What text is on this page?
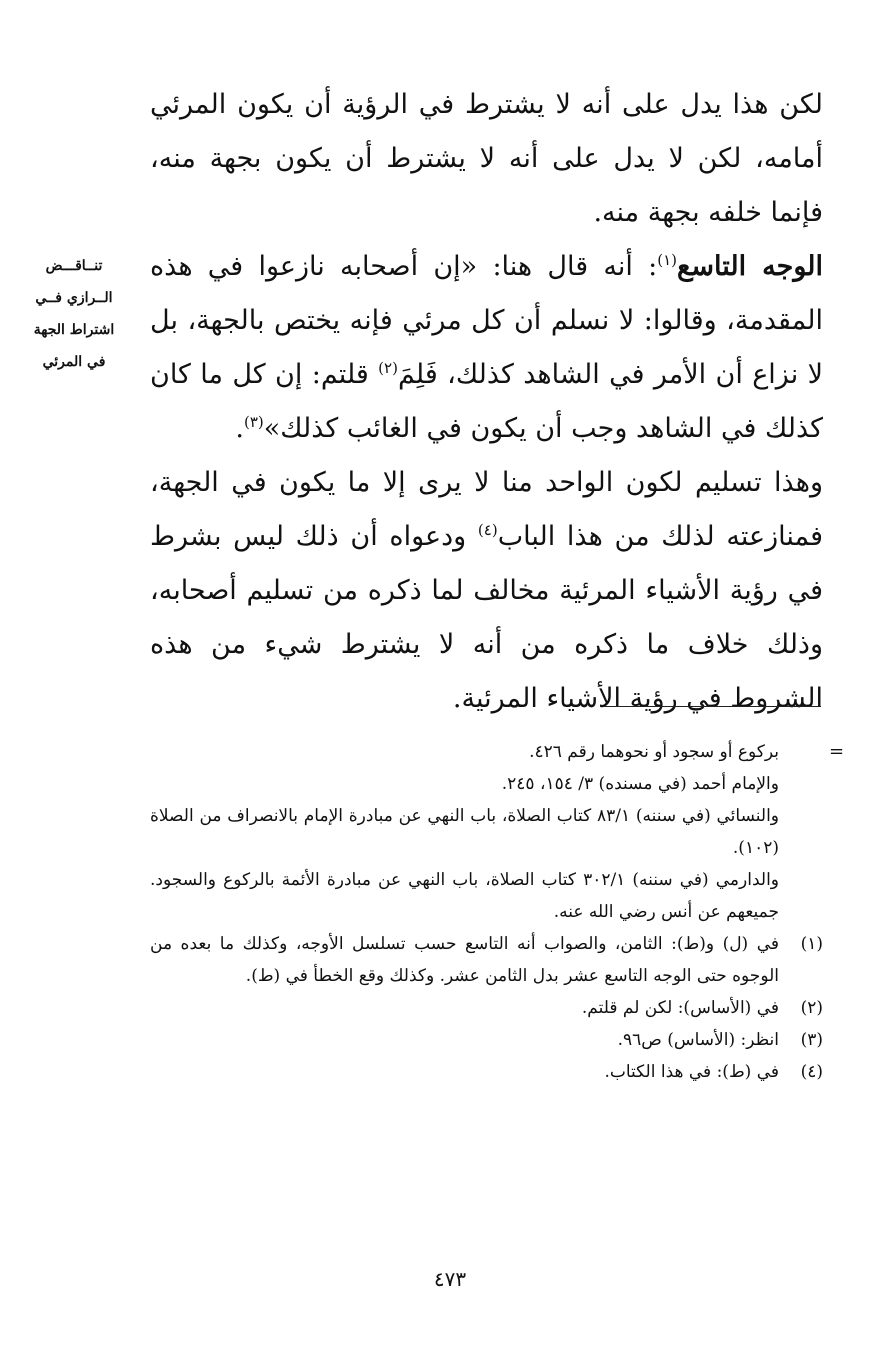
لكن هذا يدل على أنه لا يشترط في الرؤية أن يكون المرئي أمامه، لكن لا يدل على أنه لا يشترط أن يكون بجهة منه، فإنما خلفه بجهة منه.

الوجه التاسع$^{(١)}$: أنه قال هنا: «إن أصحابه نازعوا في هذه المقدمة، وقالوا: لا نسلم أن كل مرئي فإنه يختص بالجهة، بل لا نزاع أن الأمر في الشاهد كذلك، فَلِمَ$^{(٢)}$ قلتم: إن كل ما كان كذلك في الشاهد وجب أن يكون في الغائب كذلك»$^{(٣)}$.

وهذا تسليم لكون الواحد منا لا يرى إلا ما يكون في الجهة، فمنازعته لذلك من هذا الباب$^{(٤)}$ ودعواه أن ذلك ليس بشرط في رؤية الأشياء المرئية مخالف لما ذكره من تسليم أصحابه، وذلك خلاف ما ذكره من أنه لا يشترط شيء من هذه الشروط في رؤية الأشياء المرئية.

تنــاقـــض
الــرازي فــي
اشتراط الجهة
في المرئي
=
بركوع أو سجود أو نحوهما رقم ٤٢٦.
والإمام أحمد (في مسنده) ٣/ ١٥٤، ٢٤٥.
والنسائي (في سننه) ٨٣/١ كتاب الصلاة، باب النهي عن مبادرة الإمام بالانصراف من الصلاة (١٠٢).
والدارمي (في سننه) ٣٠٢/١ كتاب الصلاة، باب النهي عن مبادرة الأئمة بالركوع والسجود. جميعهم عن أنس رضي الله عنه.
(١)
في (ل) و(ط): الثامن، والصواب أنه التاسع حسب تسلسل الأوجه، وكذلك ما بعده من الوجوه حتى الوجه التاسع عشر بدل الثامن عشر. وكذلك وقع الخطأ في (ط).
(٢)
في (الأساس): لكن لم قلتم.
(٣)
انظر: (الأساس) ص٩٦.
(٤)
في (ط): في هذا الكتاب.
٤٧٣
